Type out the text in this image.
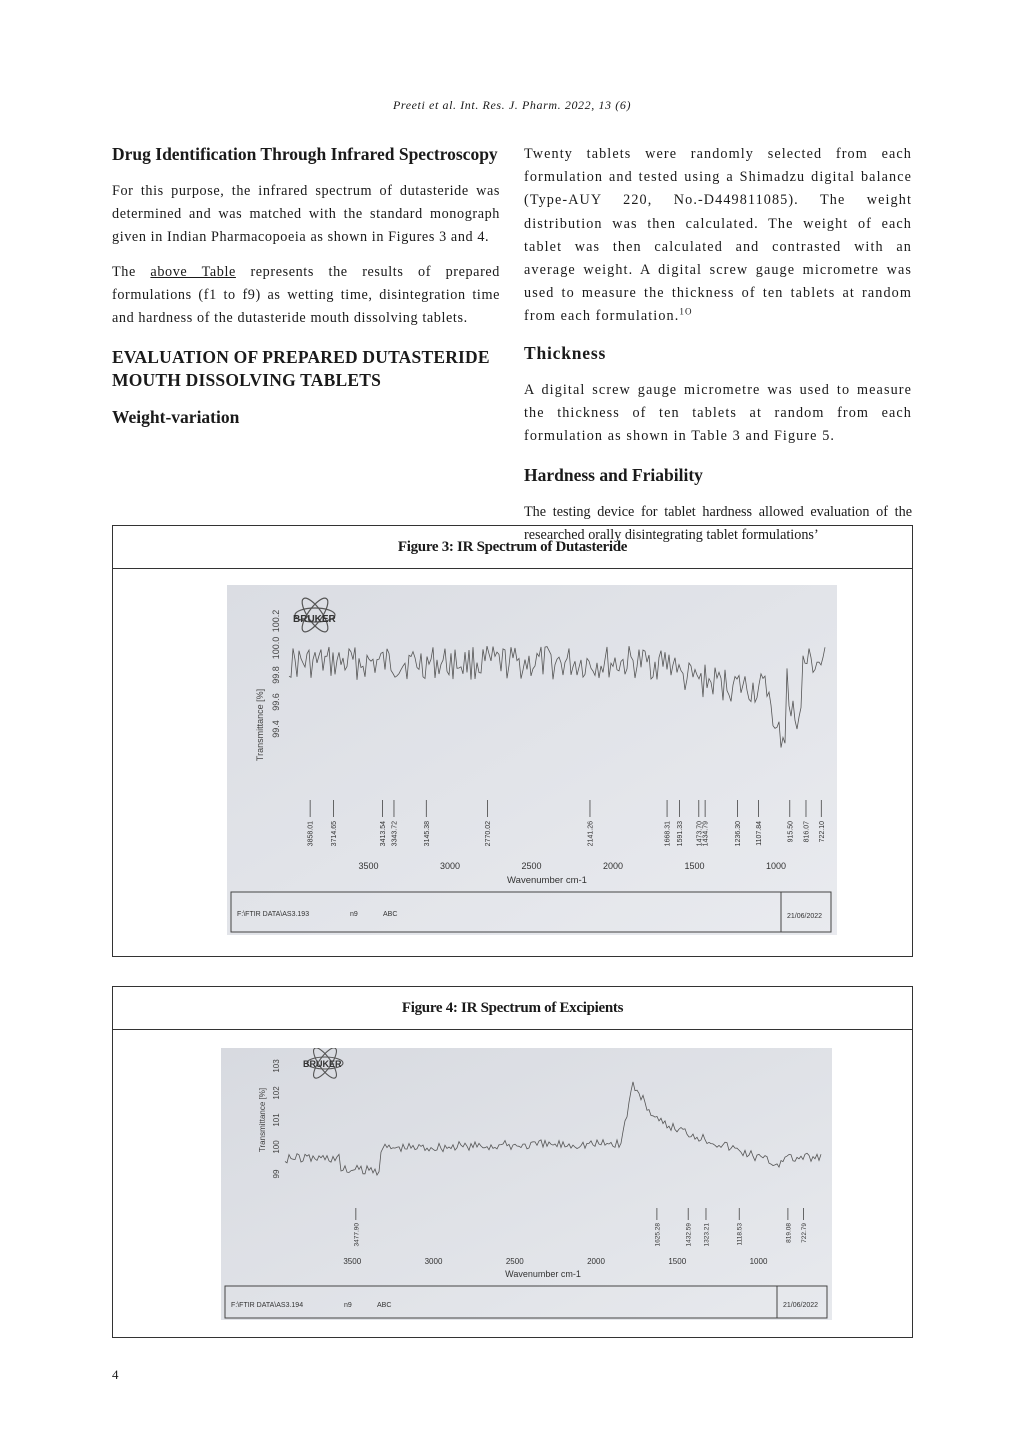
Preeti et al. Int. Res. J. Pharm. 2022, 13 (6)
Drug Identification Through Infrared Spectroscopy

For this purpose, the infrared spectrum of dutasteride was determined and was matched with the standard monograph given in Indian Pharmacopoeia as shown in Figures 3 and 4.

The above Table represents the results of prepared formulations (f1 to f9) as wetting time, disintegration time and hardness of the dutasteride mouth dissolving tablets.

EVALUATION OF PREPARED DUTASTERIDE MOUTH DISSOLVING TABLETS
Weight-variation

Twenty tablets were randomly selected from each formulation and tested using a Shimadzu digital balance (Type-AUY 220, No.-D449811085). The weight distribution was then calculated. The weight of each tablet was then calculated and contrasted with an average weight. A digital screw gauge micrometre was used to measure the thickness of ten tablets at random from each formulation.$^{1O}$

Thickness

A digital screw gauge micrometre was used to measure the thickness of ten tablets at random from each formulation as shown in Table 3 and Figure 5.

Hardness and Friability

The testing device for tablet hardness allowed evaluation of the researched orally disintegrating tablet formulations’

Figure 3: IR Spectrum of Dutasteride
BRUKER
Transmittance [%]
100.2
100.0
99.8
99.6
99.4
3858.01 3714.65	3413.54 3343.72	3145.38	2770.02	2141.26	1668.31 1591.33 1473.70 1434.79	1236.30 1107.84	915.50 816.07 722.10
3500	3000	2500	2000	1500	1000
Wavenumber cm-1
F:\FTIR DATA\AS3.193	n9	ABC	21/06/2022
Figure 4: IR Spectrum of Excipients
BRUKER
Transmittance [%]
103
102
101
100
99
3477.90	1625.28	1432.59 1323.21	1118.53	819.08 722.79
3500	3000	2500	2000	1500	1000
Wavenumber cm-1
F:\FTIR DATA\AS3.194	n9	ABC	21/06/2022
4
